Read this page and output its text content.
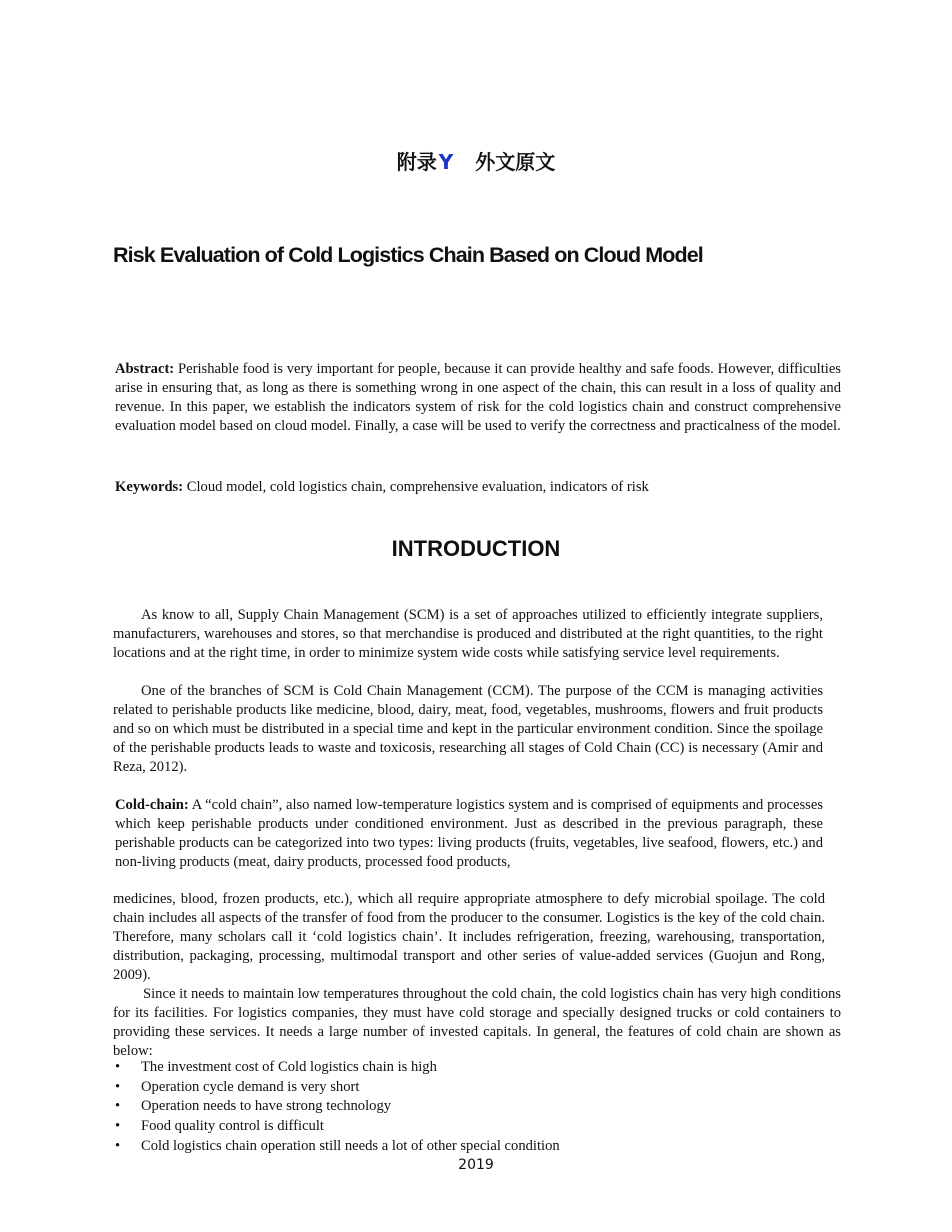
附录 Y 外文原文
Risk Evaluation of Cold Logistics Chain Based on Cloud Model

Abstract: Perishable food is very important for people, because it can provide healthy and safe foods. However, difficulties arise in ensuring that, as long as there is something wrong in one aspect of the chain, this can result in a loss of quality and revenue. In this paper, we establish the indicators system of risk for the cold logistics chain and construct comprehensive evaluation model based on cloud model. Finally, a case will be used to verify the correctness and practicalness of the model.

Keywords: Cloud model, cold logistics chain, comprehensive evaluation, indicators of risk

INTRODUCTION

As know to all, Supply Chain Management (SCM) is a set of approaches utilized to efficiently integrate suppliers, manufacturers, warehouses and stores, so that merchandise is produced and distributed at the right quantities, to the right locations and at the right time, in order to minimize system wide costs while satisfying service level requirements.

One of the branches of SCM is Cold Chain Management (CCM). The purpose of the CCM is managing activities related to perishable products like medicine, blood, dairy, meat, food, vegetables, mushrooms, flowers and fruit products and so on which must be distributed in a special time and kept in the particular environment condition. Since the spoilage of the perishable products leads to waste and toxicosis, researching all stages of Cold Chain (CC) is necessary (Amir and Reza, 2012).

Cold-chain: A “cold chain”, also named low-temperature logistics system and is comprised of equipments and processes which keep perishable products under conditioned environment. Just as described in the previous paragraph, these perishable products can be categorized into two types: living products (fruits, vegetables, live seafood, flowers, etc.) and non-living products (meat, dairy products, processed food products,

medicines, blood, frozen products, etc.), which all require appropriate atmosphere to defy microbial spoilage. The cold chain includes all aspects of the transfer of food from the producer to the consumer. Logistics is the key of the cold chain. Therefore, many scholars call it ‘cold logistics chain’. It includes refrigeration, freezing, warehousing, transportation, distribution, packaging, processing, multimodal transport and other series of value-added services (Guojun and Rong, 2009).

Since it needs to maintain low temperatures throughout the cold chain, the cold logistics chain has very high conditions for its facilities. For logistics companies, they must have cold storage and specially designed trucks or cold containers to providing these services. It needs a large number of invested capitals. In general, the features of cold chain are shown as below:

• The investment cost of Cold logistics chain is high
• Operation cycle demand is very short
• Operation needs to have strong technology
• Food quality control is difficult
• Cold logistics chain operation still needs a lot of other special condition
2019
